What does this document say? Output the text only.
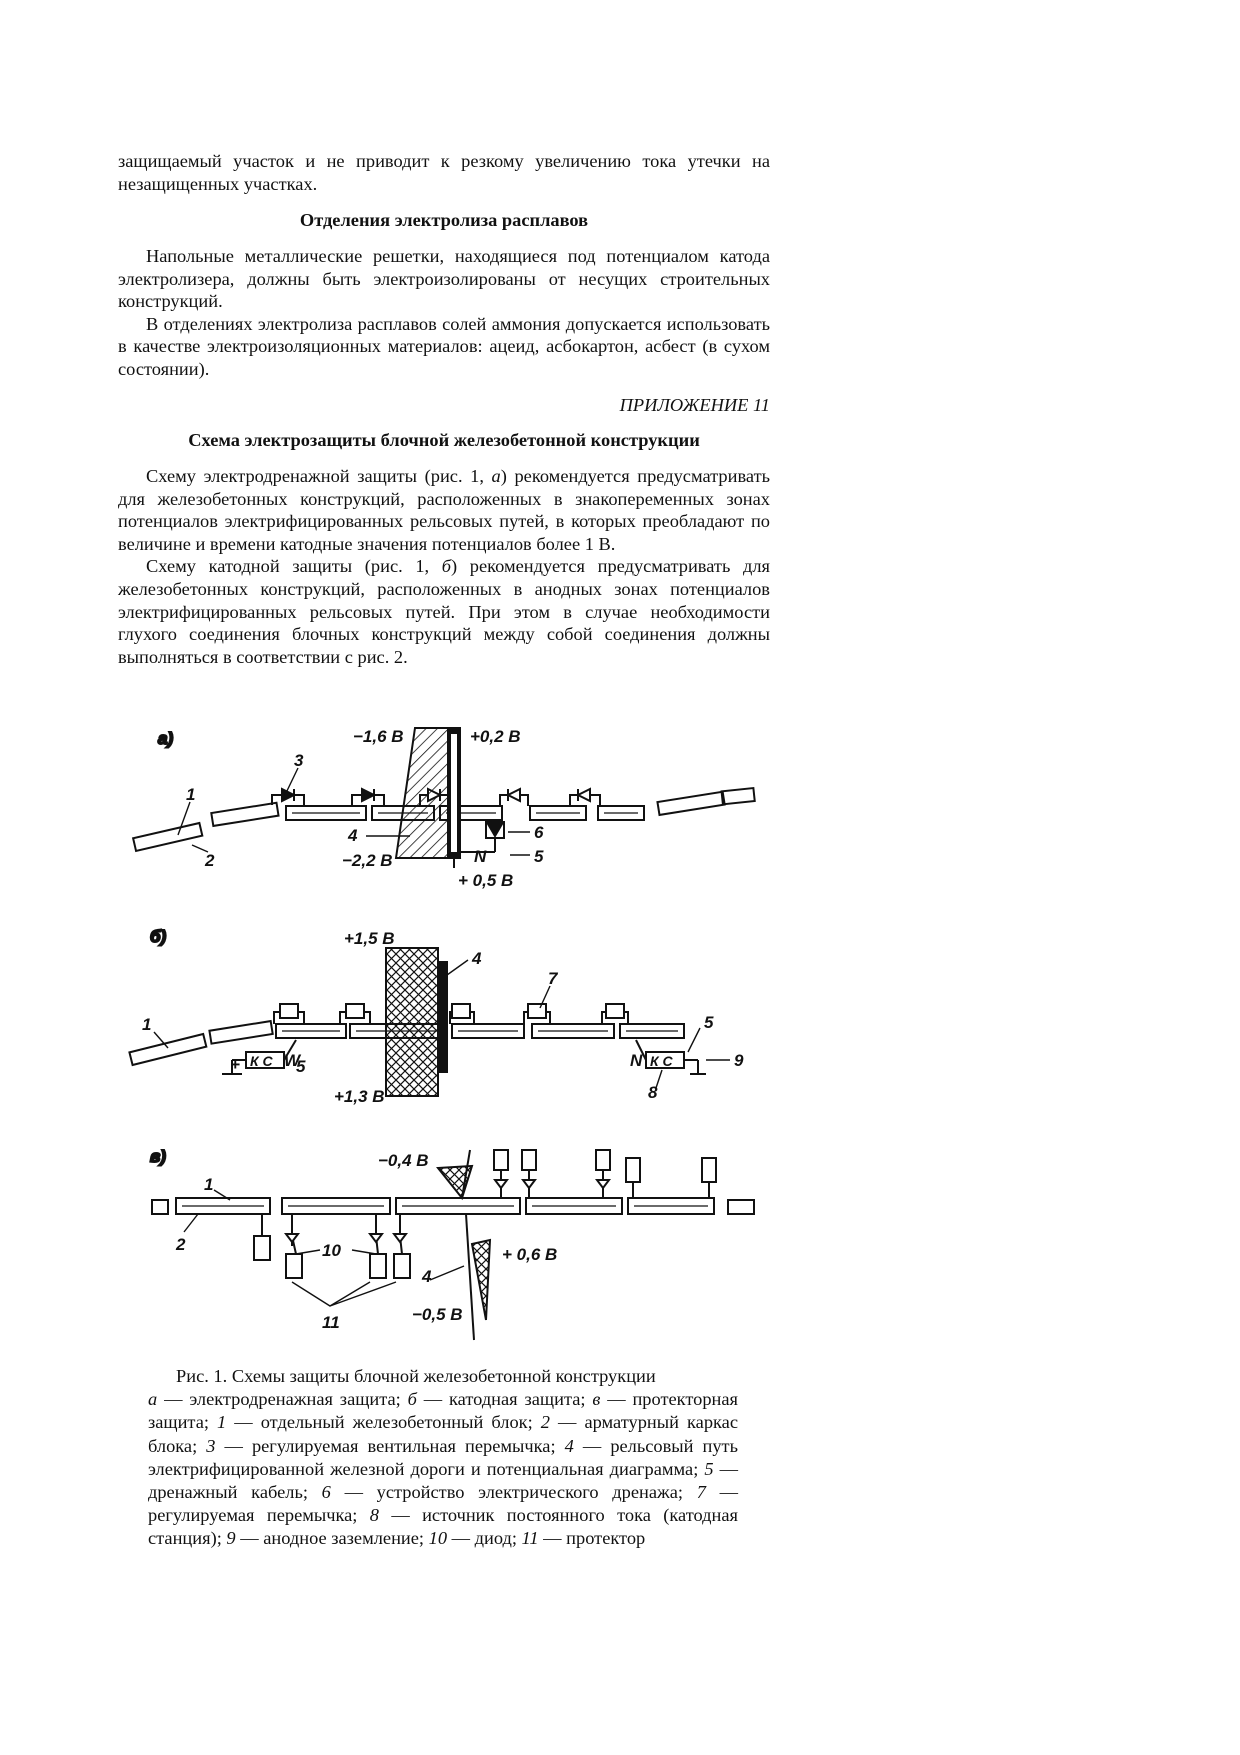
защищаемый участок и не приводит к резкому увеличению тока утечки на незащищенных участках.

Отделения электролиза расплавов

Напольные металлические решетки, находящиеся под потенциалом катода электролизера, должны быть электроизолированы от несущих строительных конструкций.

В отделениях электролиза расплавов солей аммония допускается использовать в качестве электроизоляционных материалов: ацеид, асбокартон, асбест (в сухом состоянии).

ПРИЛОЖЕНИЕ 11
Схема электрозащиты блочной железобетонной конструкции

Схему электродренажной защиты (рис. 1, а) рекомендуется предусматривать для железобетонных конструкций, расположенных в знакопеременных зонах потенциалов электрифицированных рельсовых путей, в которых преобладают по величине и времени катодные значения потенциалов более 1 В.

Схему катодной защиты (рис. 1, б) рекомендуется предусматривать для железобетонных конструкций, расположенных в анодных зонах потенциалов электрифицированных рельсовых путей. При этом в случае необходимости глухого соединения блочных конструкций между собой соединения должны выполняться в соответствии с рис. 2.

а)	−1,6 В	+0,2 В
−2,2 В
+ 0,5 В
1
2
3
4
5
6
N
б)	+1,5 В
+1,3 В
К С	К С
1
4
5
5
7
8
9
W	N
+
в)	−0,4 В
+ 0,6 В
−0,5 В
1
2
4
10
11

Рис. 1. Схемы защиты блочной железобетонной конструкции

а — электродренажная защита; б — катодная защита; в — протекторная защита; 1 — отдельный железобетонный блок; 2 — арматурный каркас блока; 3 — регулируемая вентильная перемычка; 4 — рельсовый путь электрифицированной железной дороги и потенциальная диаграмма; 5 — дренажный кабель; 6 — устройство электрического дренажа; 7 — регулируемая перемычка; 8 — источник постоянного тока (катодная станция); 9 — анодное заземление; 10 — диод; 11 — протектор
